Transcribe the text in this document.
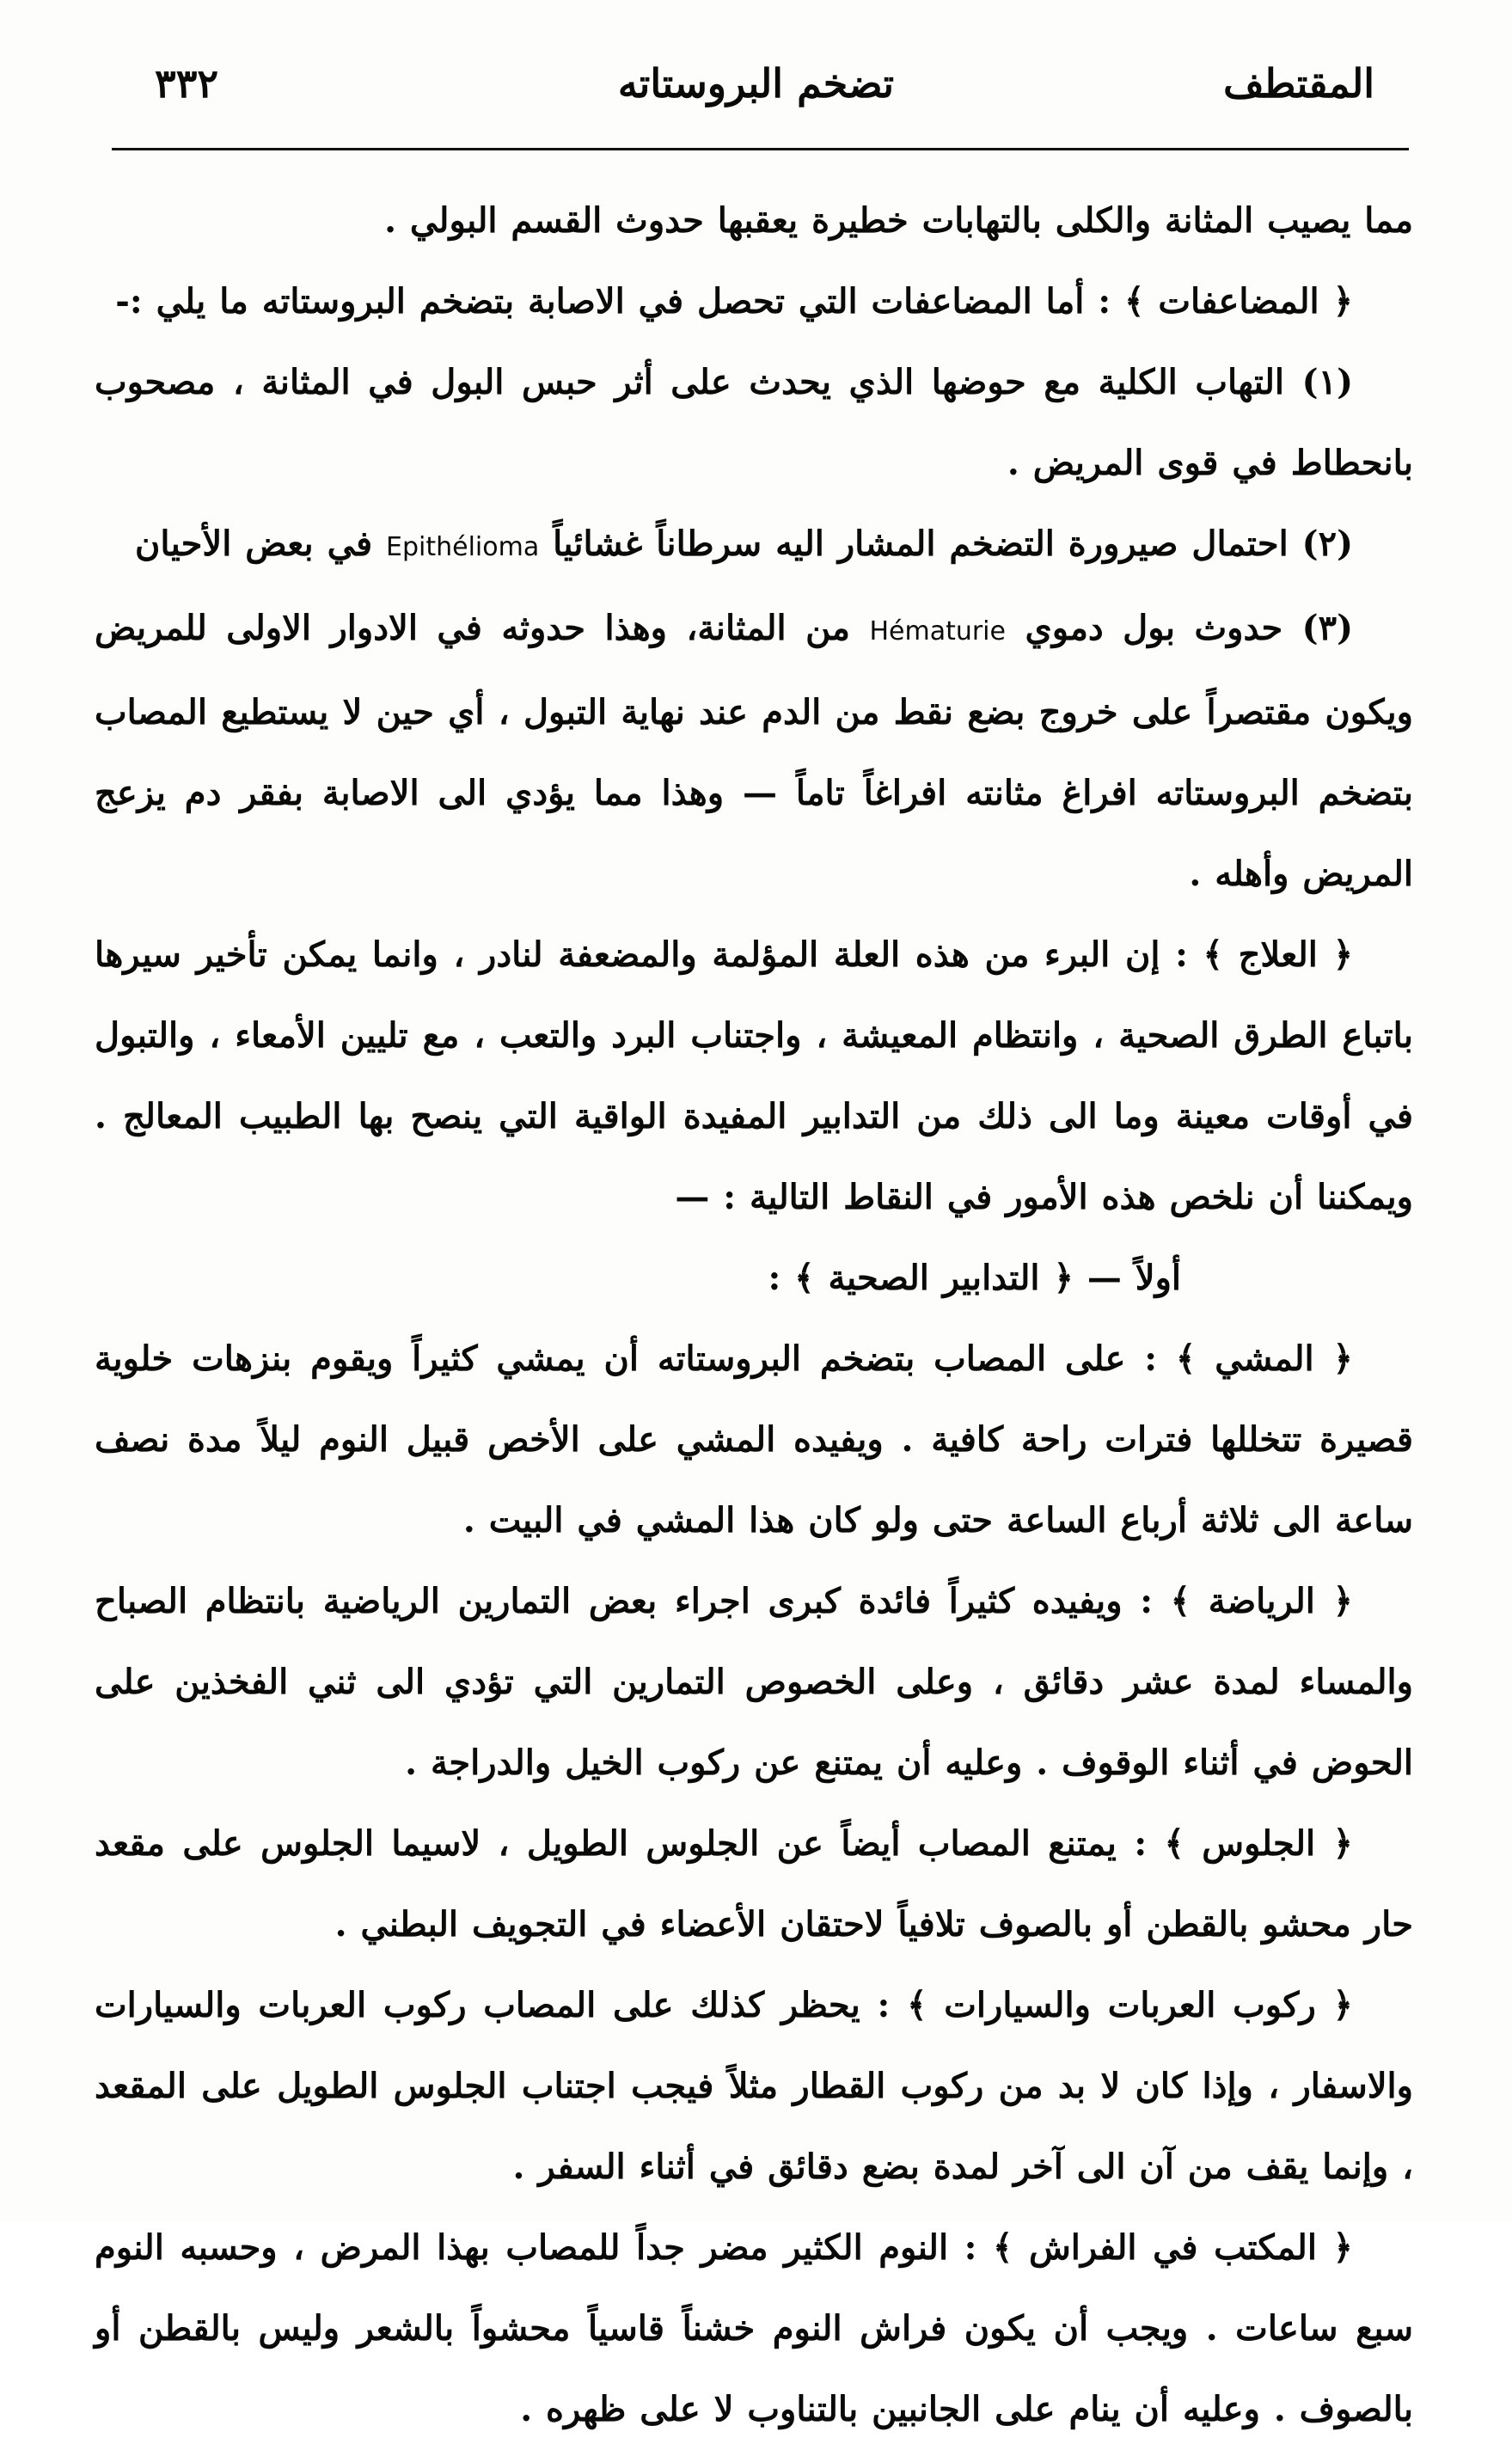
٣٣٢	تضخم البروستاته	المقتطف

مما يصيب المثانة والكلى بالتهابات خطيرة يعقبها حدوث القسم البولي .

﴿ المضاعفات ﴾ : أما المضاعفات التي تحصل في الاصابة بتضخم البروستاته ما يلي :-

(١) التهاب الكلية مع حوضها الذي يحدث على أثر حبس البول في المثانة ، مصحوب بانحطاط في قوى المريض .

(٢) احتمال صيرورة التضخم المشار اليه سرطاناً غشائياً Epithélioma في بعض الأحيان

(٣) حدوث بول دموي Hématurie من المثانة، وهذا حدوثه في الادوار الاولى للمريض ويكون مقتصراً على خروج بضع نقط من الدم عند نهاية التبول ، أي حين لا يستطيع المصاب بتضخم البروستاته افراغ مثانته افراغاً تاماً — وهذا مما يؤدي الى الاصابة بفقر دم يزعج المريض وأهله .

﴿ العلاج ﴾ : إن البرء من هذه العلة المؤلمة والمضعفة لنادر ، وانما يمكن تأخير سيرها باتباع الطرق الصحية ، وانتظام المعيشة ، واجتناب البرد والتعب ، مع تليين الأمعاء ، والتبول في أوقات معينة وما الى ذلك من التدابير المفيدة الواقية التي ينصح بها الطبيب المعالج . ويمكننا أن نلخص هذه الأمور في النقاط التالية : —

أولاً — ﴿ التدابير الصحية ﴾ :

﴿ المشي ﴾ : على المصاب بتضخم البروستاته أن يمشي كثيراً ويقوم بنزهات خلوية قصيرة تتخللها فترات راحة كافية . ويفيده المشي على الأخص قبيل النوم ليلاً مدة نصف ساعة الى ثلاثة أرباع الساعة حتى ولو كان هذا المشي في البيت .

﴿ الرياضة ﴾ : ويفيده كثيراً فائدة كبرى اجراء بعض التمارين الرياضية بانتظام الصباح والمساء لمدة عشر دقائق ، وعلى الخصوص التمارين التي تؤدي الى ثني الفخذين على الحوض في أثناء الوقوف . وعليه أن يمتنع عن ركوب الخيل والدراجة .

﴿ الجلوس ﴾ : يمتنع المصاب أيضاً عن الجلوس الطويل ، لاسيما الجلوس على مقعد حار محشو بالقطن أو بالصوف تلافياً لاحتقان الأعضاء في التجويف البطني .

﴿ ركوب العربات والسيارات ﴾ : يحظر كذلك على المصاب ركوب العربات والسيارات والاسفار ، وإذا كان لا بد من ركوب القطار مثلاً فيجب اجتناب الجلوس الطويل على المقعد ، وإنما يقف من آن الى آخر لمدة بضع دقائق في أثناء السفر .

﴿ المكتب في الفراش ﴾ : النوم الكثير مضر جداً للمصاب بهذا المرض ، وحسبه النوم سبع ساعات . ويجب أن يكون فراش النوم خشناً قاسياً محشواً بالشعر وليس بالقطن أو بالصوف . وعليه أن ينام على الجانبين بالتناوب لا على ظهره .
